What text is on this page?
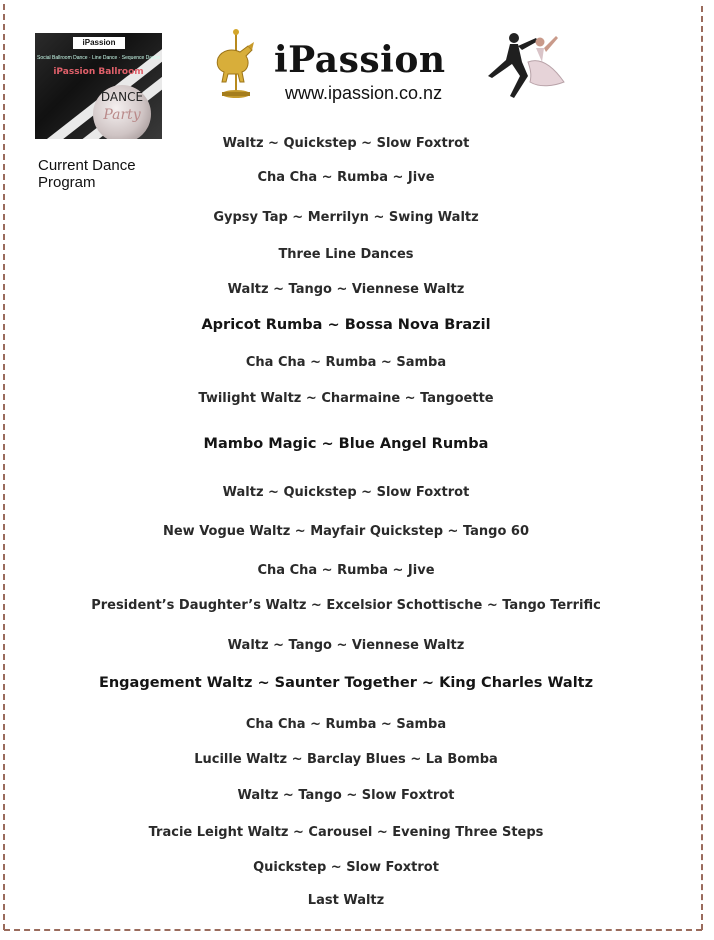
iPassion
Social Ballroom Dance · Line Dance · Sequence Dance
iPassion Ballroom
DANCE
Party
iPassion
www.ipassion.co.nz
Current Dance Program
Waltz ~ Quickstep ~ Slow Foxtrot
Cha Cha ~ Rumba ~ Jive
Gypsy Tap ~ Merrilyn ~ Swing Waltz
Three Line Dances
Waltz ~ Tango ~ Viennese Waltz
Apricot Rumba ~ Bossa Nova Brazil
Cha Cha ~ Rumba ~ Samba
Twilight Waltz ~ Charmaine ~ Tangoette
Mambo Magic ~ Blue Angel Rumba
Waltz ~ Quickstep ~ Slow Foxtrot
New Vogue Waltz ~ Mayfair Quickstep ~ Tango 60
Cha Cha ~ Rumba ~ Jive
President’s Daughter’s Waltz ~ Excelsior Schottische ~ Tango Terrific
Waltz ~ Tango ~ Viennese Waltz
Engagement Waltz ~ Saunter Together ~ King Charles Waltz
Cha Cha ~ Rumba ~ Samba
Lucille Waltz ~ Barclay Blues ~ La Bomba
Waltz ~ Tango ~ Slow Foxtrot
Tracie Leight Waltz ~ Carousel ~ Evening Three Steps
Quickstep ~ Slow Foxtrot
Last Waltz
